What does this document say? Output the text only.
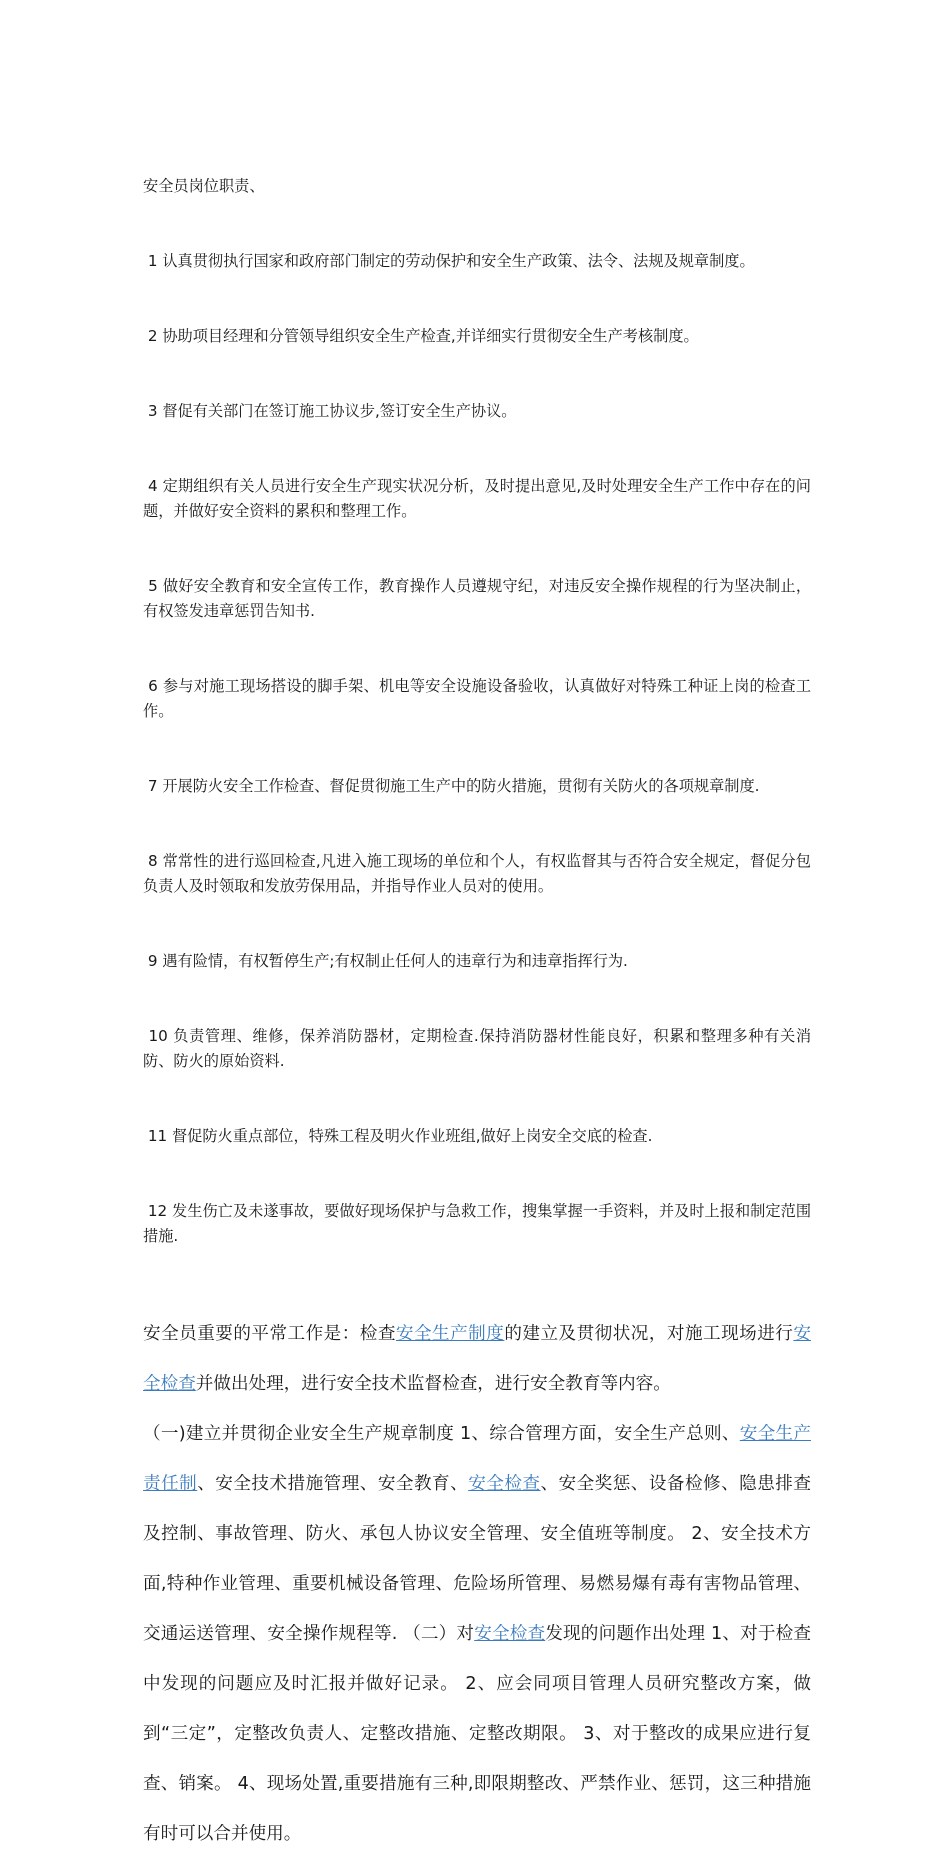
安全员岗位职责、

1 认真贯彻执行国家和政府部门制定的劳动保护和安全生产政策、法令、法规及规章制度。

2 协助项目经理和分管领导组织安全生产检查,并详细实行贯彻安全生产考核制度。

3 督促有关部门在签订施工协议步,签订安全生产协议。

4 定期组织有关人员进行安全生产现实状况分析，及时提出意见,及时处理安全生产工作中存在的问题，并做好安全资料的累积和整理工作。

5 做好安全教育和安全宣传工作，教育操作人员遵规守纪，对违反安全操作规程的行为坚决制止，有权签发违章惩罚告知书.

6 参与对施工现场搭设的脚手架、机电等安全设施设备验收，认真做好对特殊工种证上岗的检查工作。

7 开展防火安全工作检查、督促贯彻施工生产中的防火措施，贯彻有关防火的各项规章制度.

8 常常性的进行巡回检查,凡进入施工现场的单位和个人，有权监督其与否符合安全规定，督促分包负责人及时领取和发放劳保用品，并指导作业人员对的使用。

9 遇有险情，有权暂停生产;有权制止任何人的违章行为和违章指挥行为.

10 负责管理、维修，保养消防器材，定期检查.保持消防器材性能良好，积累和整理多种有关消防、防火的原始资料.

11 督促防火重点部位，特殊工程及明火作业班组,做好上岗安全交底的检查.

12 发生伤亡及未遂事故，要做好现场保护与急救工作，搜集掌握一手资料，并及时上报和制定范围措施.

安全员重要的平常工作是：检查安全生产制度的建立及贯彻状况，对施工现场进行安全检查并做出处理，进行安全技术监督检查，进行安全教育等内容。

（一)建立并贯彻企业安全生产规章制度 1、综合管理方面，安全生产总则、安全生产责任制、安全技术措施管理、安全教育、安全检查、安全奖惩、设备检修、隐患排查及控制、事故管理、防火、承包人协议安全管理、安全值班等制度。 2、安全技术方面,特种作业管理、重要机械设备管理、危险场所管理、易燃易爆有毒有害物品管理、交通运送管理、安全操作规程等. （二）对安全检查发现的问题作出处理 1、对于检查中发现的问题应及时汇报并做好记录。 2、应会同项目管理人员研究整改方案，做到“三定”，定整改负责人、定整改措施、定整改期限。 3、对于整改的成果应进行复查、销案。 4、现场处置,重要措施有三种,即限期整改、严禁作业、惩罚，这三种措施有时可以合并使用。
